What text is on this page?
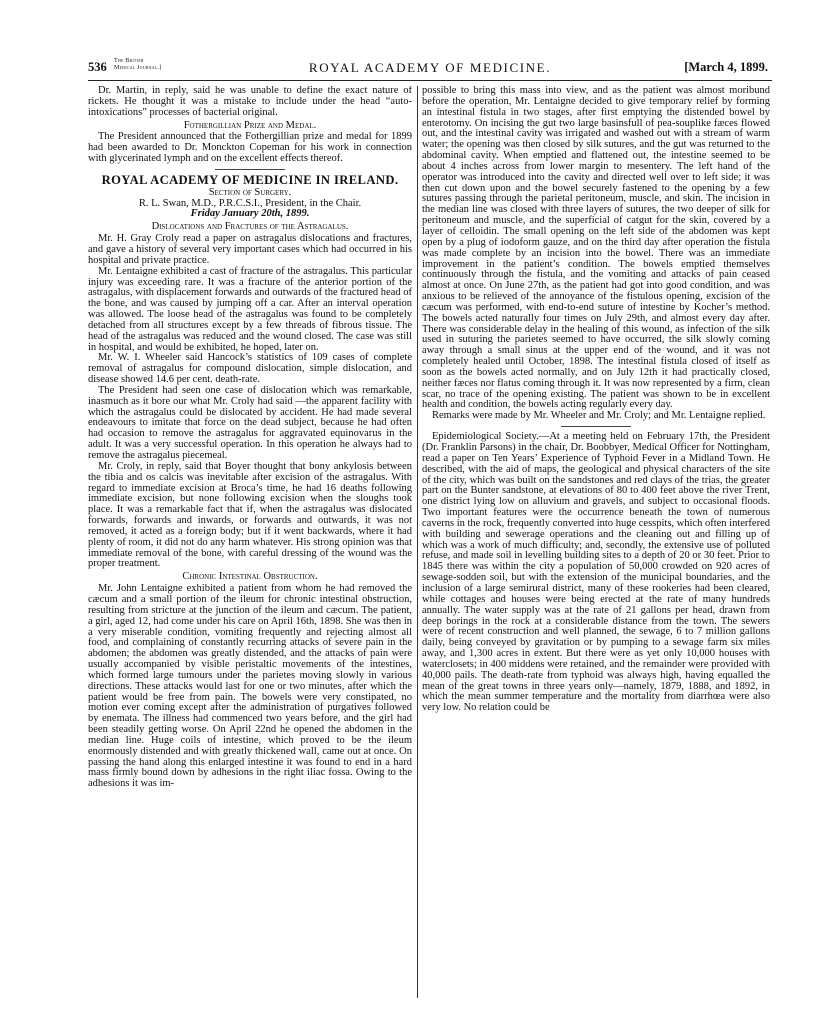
536 The British
Medical Journal.]	ROYAL ACADEMY OF MEDICINE.	[March 4, 1899.

Dr. Martin, in reply, said he was unable to define the exact nature of rickets. He thought it was a mistake to include under the head “auto-intoxications” processes of bacterial original.

Fothergillian Prize and Medal.

The President announced that the Fothergillian prize and medal for 1899 had been awarded to Dr. Monckton Copeman for his work in connection with glycerinated lymph and on the excellent effects thereof.

ROYAL ACADEMY OF MEDICINE IN IRELAND.

Section of Surgery.

R. L. Swan, M.D., P.R.C.S.I., President, in the Chair.

Friday January 20th, 1899.

Dislocations and Fractures of the Astragalus.

Mr. H. Gray Croly read a paper on astragalus dislocations and fractures, and gave a history of several very important cases which had occurred in his hospital and private practice.

Mr. Lentaigne exhibited a cast of fracture of the astragalus. This particular injury was exceeding rare. It was a fracture of the anterior portion of the astragalus, with displacement forwards and outwards of the fractured head of the bone, and was caused by jumping off a car. After an interval operation was allowed. The loose head of the astragalus was found to be completely detached from all structures except by a few threads of fibrous tissue. The head of the astragalus was reduced and the wound closed. The case was still in hospital, and would be exhibited, he hoped, later on.

Mr. W. I. Wheeler said Hancock’s statistics of 109 cases of complete removal of astragalus for compound dislocation, simple dislocation, and disease showed 14.6 per cent. death-rate.

The President had seen one case of dislocation which was remarkable, inasmuch as it bore our what Mr. Croly had said —the apparent facility with which the astragalus could be dislocated by accident. He had made several endeavours to imitate that force on the dead subject, because he had often had occasion to remove the astragalus for aggravated equinovarus in the adult. It was a very successful operation. In this operation he always had to remove the astragalus piecemeal.

Mr. Croly, in reply, said that Boyer thought that bony ankylosis between the tibia and os calcis was inevitable after excision of the astragalus. With regard to immediate excision at Broca’s time, he had 16 deaths following immediate excision, but none following excision when the sloughs took place. It was a remarkable fact that if, when the astragalus was dislocated forwards, forwards and inwards, or forwards and outwards, it was not removed, it acted as a foreign body; but if it went backwards, where it had plenty of room, it did not do any harm whatever. His strong opinion was that immediate removal of the bone, with careful dressing of the wound was the proper treatment.

Chronic Intestinal Obstruction.

Mr. John Lentaigne exhibited a patient from whom he had removed the cæcum and a small portion of the ileum for chronic intestinal obstruction, resulting from stricture at the junction of the ileum and cæcum. The patient, a girl, aged 12, had come under his care on April 16th, 1898. She was then in a very miserable condition, vomiting frequently and rejecting almost all food, and complaining of constantly recurring attacks of severe pain in the abdomen; the abdomen was greatly distended, and the attacks of pain were usually accompanied by visible peristaltic movements of the intestines, which formed large tumours under the parietes moving slowly in various directions. These attacks would last for one or two minutes, after which the patient would be free from pain. The bowels were very constipated, no motion ever coming except after the administration of purgatives followed by enemata. The illness had commenced two years before, and the girl had been steadily getting worse. On April 22nd he opened the abdomen in the median line. Huge coils of intestine, which proved to be the ileum enormously distended and with greatly thickened wall, came out at once. On passing the hand along this enlarged intestine it was found to end in a hard mass firmly bound down by adhesions in the right iliac fossa. Owing to the adhesions it was im-

possible to bring this mass into view, and as the patient was almost moribund before the operation, Mr. Lentaigne decided to give temporary relief by forming an intestinal fistula in two stages, after first emptying the distended bowel by enterotomy. On incising the gut two large basinsfull of pea-souplike fæces flowed out, and the intestinal cavity was irrigated and washed out with a stream of warm water; the opening was then closed by silk sutures, and the gut was returned to the abdominal cavity. When emptied and flattened out, the intestine seemed to be about 4 inches across from lower margin to mesentery. The left hand of the operator was introduced into the cavity and directed well over to left side; it was then cut down upon and the bowel securely fastened to the opening by a few sutures passing through the parietal peritoneum, muscle, and skin. The incision in the median line was closed with three layers of sutures, the two deeper of silk for peritoneum and muscle, and the superficial of catgut for the skin, covered by a layer of celloidin. The small opening on the left side of the abdomen was kept open by a plug of iodoform gauze, and on the third day after operation the fistula was made complete by an incision into the bowel. There was an immediate improvement in the patient’s condition. The bowels emptied themselves continuously through the fistula, and the vomiting and attacks of pain ceased almost at once. On June 27th, as the patient had got into good condition, and was anxious to be relieved of the annoyance of the fistulous opening, excision of the cæcum was performed, with end-to-end suture of intestine by Kocher’s method. The bowels acted naturally four times on July 29th, and almost every day after. There was considerable delay in the healing of this wound, as infection of the silk used in suturing the parietes seemed to have occurred, the silk slowly coming away through a small sinus at the upper end of the wound, and it was not completely healed until October, 1898. The intestinal fistula closed of itself as soon as the bowels acted normally, and on July 12th it had practically closed, neither fæces nor flatus coming through it. It was now represented by a firm, clean scar, no trace of the opening existing. The patient was shown to be in excellent health and condition, the bowels acting regularly every day.

Remarks were made by Mr. Wheeler and Mr. Croly; and Mr. Lentaigne replied.

Epidemiological Society.—At a meeting held on February 17th, the President (Dr. Franklin Parsons) in the chair, Dr. Boobbyer, Medical Officer for Nottingham, read a paper on Ten Years’ Experience of Typhoid Fever in a Midland Town. He described, with the aid of maps, the geological and physical characters of the site of the city, which was built on the sandstones and red clays of the trias, the greater part on the Bunter sandstone, at elevations of 80 to 400 feet above the river Trent, one district lying low on alluvium and gravels, and subject to occasional floods. Two important features were the occurrence beneath the town of numerous caverns in the rock, frequently converted into huge cesspits, which often interfered with building and sewerage operations and the cleaning out and filling up of which was a work of much difficulty; and, secondly, the extensive use of polluted refuse, and made soil in levelling building sites to a depth of 20 or 30 feet. Prior to 1845 there was within the city a population of 50,000 crowded on 920 acres of sewage-sodden soil, but with the extension of the municipal boundaries, and the inclusion of a large semirural district, many of these rookeries had been cleared, while cottages and houses were being erected at the rate of many hundreds annually. The water supply was at the rate of 21 gallons per head, drawn from deep borings in the rock at a considerable distance from the town. The sewers were of recent construction and well planned, the sewage, 6 to 7 million gallons daily, being conveyed by gravitation or by pumping to a sewage farm six miles away, and 1,300 acres in extent. But there were as yet only 10,000 houses with waterclosets; in 400 middens were retained, and the remainder were provided with 40,000 pails. The death-rate from typhoid was always high, having equalled the mean of the great towns in three years only—namely, 1879, 1888, and 1892, in which the mean summer temperature and the mortality from diarrhœa were also very low. No relation could be
